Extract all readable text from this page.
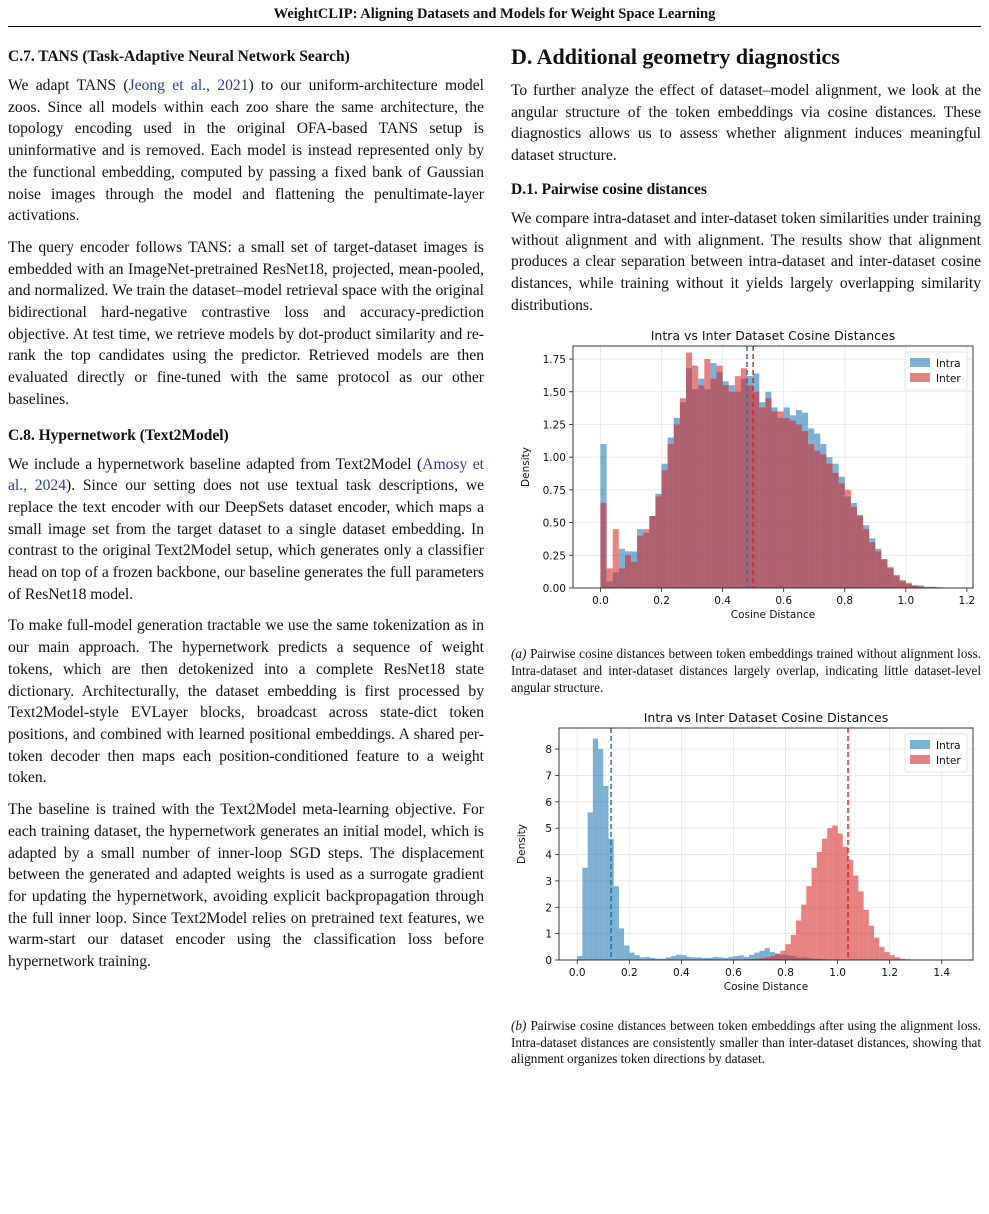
WeightCLIP: Aligning Datasets and Models for Weight Space Learning
C.7. TANS (Task-Adaptive Neural Network Search)

We adapt TANS (Jeong et al., 2021) to our uniform-architecture model zoos. Since all models within each zoo share the same architecture, the topology encoding used in the original OFA-based TANS setup is uninformative and is removed. Each model is instead represented only by the functional embedding, computed by passing a fixed bank of Gaussian noise images through the model and flattening the penultimate-layer activations.

The query encoder follows TANS: a small set of target-dataset images is embedded with an ImageNet-pretrained ResNet18, projected, mean-pooled, and normalized. We train the dataset–model retrieval space with the original bidirectional hard-negative contrastive loss and accuracy-prediction objective. At test time, we retrieve models by dot-product similarity and re-rank the top candidates using the predictor. Retrieved models are then evaluated directly or fine-tuned with the same protocol as our other baselines.

C.8. Hypernetwork (Text2Model)

We include a hypernetwork baseline adapted from Text2Model (Amosy et al., 2024). Since our setting does not use textual task descriptions, we replace the text encoder with our DeepSets dataset encoder, which maps a small image set from the target dataset to a single dataset embedding. In contrast to the original Text2Model setup, which generates only a classifier head on top of a frozen backbone, our baseline generates the full parameters of ResNet18 model.

To make full-model generation tractable we use the same tokenization as in our main approach. The hypernetwork predicts a sequence of weight tokens, which are then detokenized into a complete ResNet18 state dictionary. Architecturally, the dataset embedding is first processed by Text2Model-style EVLayer blocks, broadcast across state-dict token positions, and combined with learned positional embeddings. A shared per-token decoder then maps each position-conditioned feature to a weight token.

The baseline is trained with the Text2Model meta-learning objective. For each training dataset, the hypernetwork generates an initial model, which is adapted by a small number of inner-loop SGD steps. The displacement between the generated and adapted weights is used as a surrogate gradient for updating the hypernetwork, avoiding explicit backpropagation through the full inner loop. Since Text2Model relies on pretrained text features, we warm-start our dataset encoder using the classification loss before hypernetwork training.

D. Additional geometry diagnostics

To further analyze the effect of dataset–model alignment, we look at the angular structure of the token embeddings via cosine distances. These diagnostics allows us to assess whether alignment induces meaningful dataset structure.

D.1. Pairwise cosine distances

We compare intra-dataset and inter-dataset token similarities under training without alignment and with alignment. The results show that alignment produces a clear separation between intra-dataset and inter-dataset cosine distances, while training without it yields largely overlapping similarity distributions.

Intra vs Inter Dataset Cosine Distances
0.00
0.25
0.50
0.75
1.00
1.25
1.50
1.75
0.0	0.2	0.4	0.6	0.8	1.0	1.2
Cosine Distance
Density
Intra
Inter
(a) Pairwise cosine distances between token embeddings trained without alignment loss. Intra-dataset and inter-dataset distances largely overlap, indicating little dataset-level angular structure.
Intra vs Inter Dataset Cosine Distances
0
1
2
3
4
5
6
7
8
0.0	0.2	0.4	0.6	0.8	1.0	1.2	1.4
Cosine Distance
Density
Intra
Inter
(b) Pairwise cosine distances between token embeddings after using the alignment loss. Intra-dataset distances are consistently smaller than inter-dataset distances, showing that alignment organizes token directions by dataset.
